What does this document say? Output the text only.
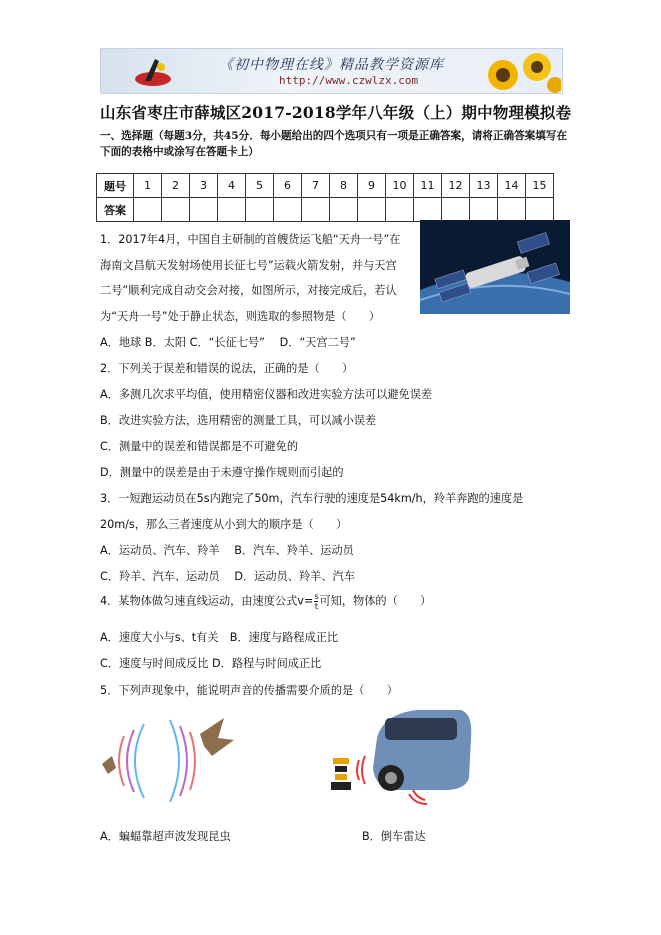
《初中物理在线》精品教学资源库
http://www.czwlzx.com
山东省枣庄市薛城区2017-2018学年八年级（上）期中物理模拟卷
一、选择题（每题3分，共45分．每小题给出的四个选项只有一项是正确答案，请将正确答案填写在下面的表格中或涂写在答题卡上）
题号	1	2	3	4	5	6	7	8	9	10	11	12	13	14	15
答案															
1．2017年4月，中国自主研制的首艘货运飞船“天舟一号”在
海南文昌航天发射场使用长征七号”运载火箭发射，并与天宫
二号”顺利完成自动交会对接，如图所示，对接完成后，若认
为“天舟一号”处于静止状态，则选取的参照物是（　　）
A．地球 B．太阳 C．“长征七号”　 D．“天宫二号”
2．下列关于误差和错误的说法，正确的是（　　）
A．多测几次求平均值，使用精密仪器和改进实验方法可以避免误差
B．改进实验方法，选用精密的测量工具，可以减小误差
C．测量中的误差和错误都是不可避免的
D．测量中的误差是由于未遵守操作规则而引起的
3．一短跑运动员在5s内跑完了50m，汽车行驶的速度是54km/h，羚羊奔跑的速度是
20m/s，那么三者速度从小到大的顺序是（　　）
A．运动员、汽车、羚羊　 B．汽车、羚羊、运动员
C．羚羊、汽车、运动员　 D．运动员、羚羊、汽车
4．某物体做匀速直线运动，由速度公式$v= \frac{s}{t}$ 可知，物体的（　　）
A．速度大小与s、t有关　B．速度与路程成正比
C．速度与时间成反比 D．路程与时间成正比
5．下列声现象中，能说明声音的传播需要介质的是（　　）
A．蝙蝠靠超声波发现昆虫	B．倒车雷达
